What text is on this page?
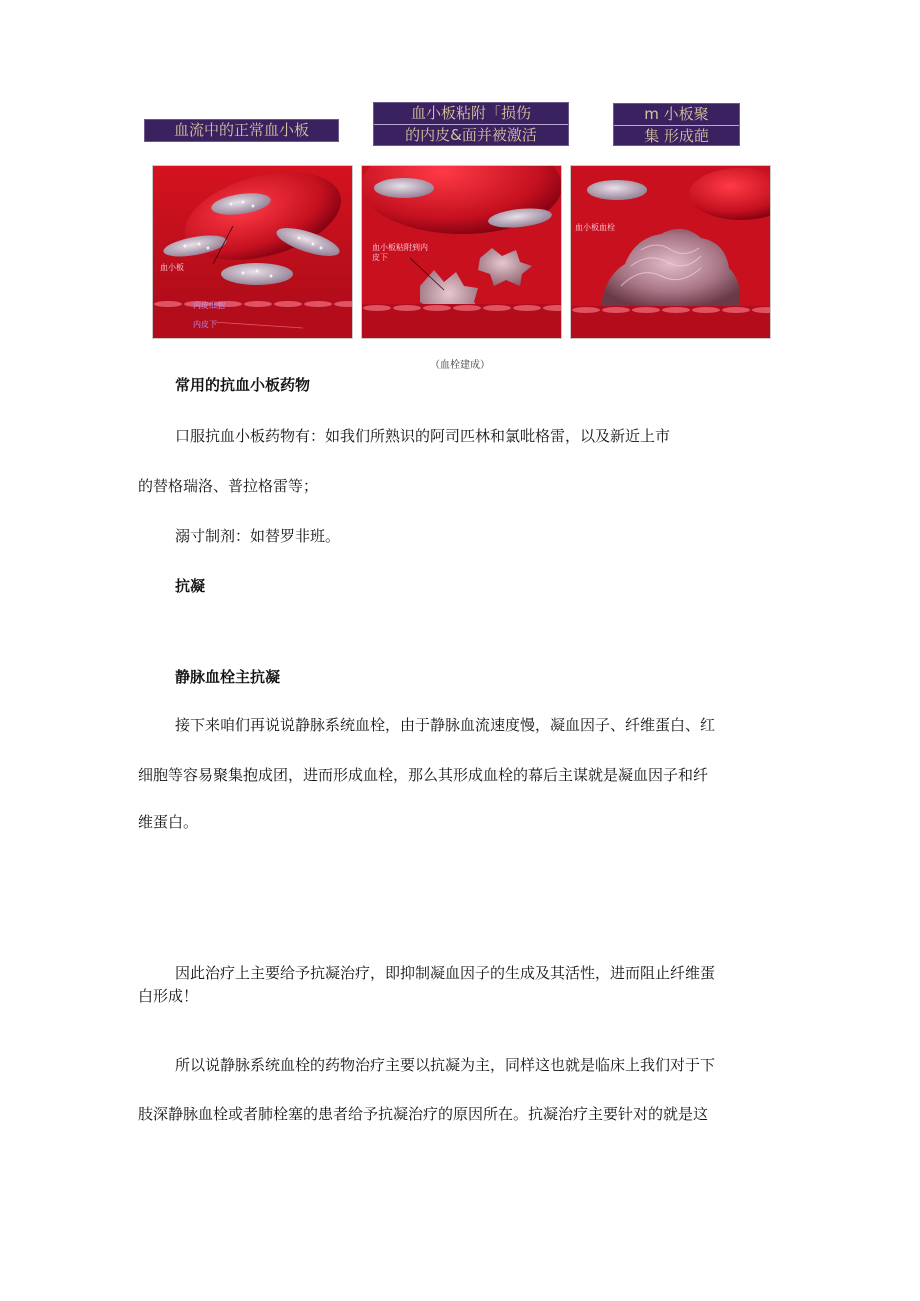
血流中的正常血小板
血小板粘附「损伤
的内皮&面并被激活
m 小板聚
集 形成葩
血小板
内皮细胞
内皮下
血小板粘附到内
皮下
血小板血栓
（血栓建成）
常用的抗血小板药物
口服抗血小板药物有：如我们所熟识的阿司匹林和氯吡格雷，以及新近上市
的替格瑞洛、普拉格雷等；
溺寸制剂：如替罗非班。
抗凝
静脉血栓主抗凝
接下来咱们再说说静脉系统血栓，由于静脉血流速度慢，凝血因子、纤维蛋白、红
细胞等容易聚集抱成团，进而形成血栓，那么其形成血栓的幕后主谋就是凝血因子和纤
维蛋白。
因此治疗上主要给予抗凝治疗，即抑制凝血因子的生成及其活性，进而阻止纤维蛋
白形成！
所以说静脉系统血栓的药物治疗主要以抗凝为主，同样这也就是临床上我们对于下
肢深静脉血栓或者肺栓塞的患者给予抗凝治疗的原因所在。抗凝治疗主要针对的就是这
